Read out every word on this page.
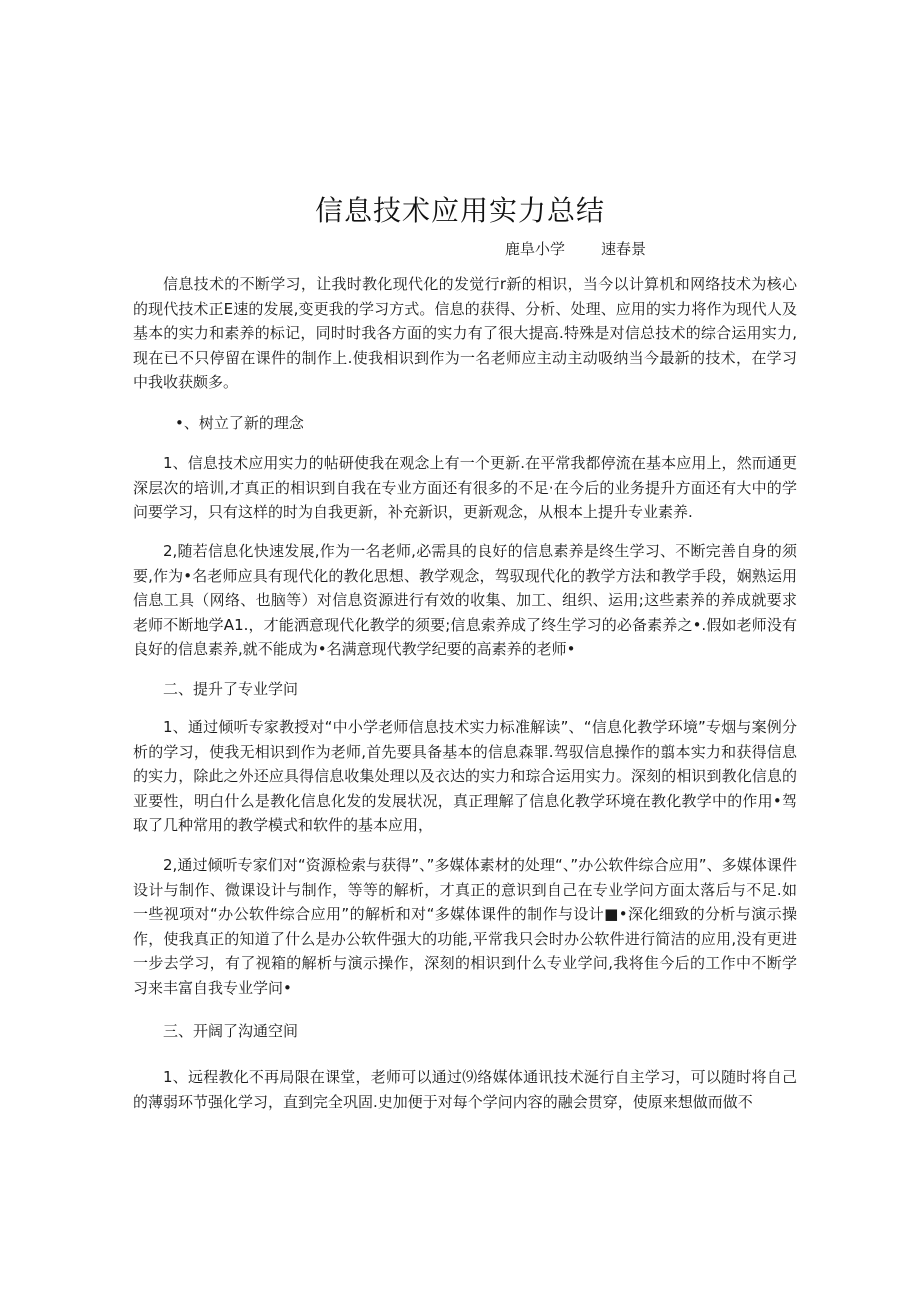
信息技术应用实力总结
鹿阜小学 速春景

信息技术的不断学习，让我时教化现代化的发觉行r新的相识，当今以计算机和网络技术为核心的现代技术正E速的发展,变更我的学习方式。信息的获得、分析、处理、应用的实力将作为现代人及基本的实力和素养的标记，同时时我各方面的实力有了很大提高.特殊是对信总技术的综合运用实力,现在已不只停留在课件的制作上.使我相识到作为一名老师应主动主动吸纳当今最新的技术，在学习中我收获颇多。

•、树立了新的理念

1、信息技术应用实力的帖研使我在观念上有一个更新.在平常我都停流在基本应用上，然而通更深层次的培训,才真正的相识到自我在专业方面还有很多的不足·在今后的业务提升方面还有大中的学问要学习，只有这样的时为自我更新，补充新识，更新观念，从根本上提升专业素养.

2,随若信息化快速发展,作为一名老师,必需具的良好的信息素养是终生学习、不断完善自身的须要,作为•名老师应具有现代化的教化思想、教学观念，驾驭现代化的教学方法和教学手段，娴熟运用信息工具（网络、也脑等）对信息资源进行有效的收集、加工、组织、运用;这些素养的养成就要求老师不断地学A1.，才能洒意现代化教学的须要;信息索养成了终生学习的必备素养之•.假如老师没有良好的信息素养,就不能成为•名满意现代教学纪要的高素养的老师•

二、提升了专业学问

1、通过倾听专家教授对“中小学老师信息技术实力标准解读”、“信息化教学环境”专烟与案例分析的学习，使我无相识到作为老师,首先要具备基本的信息森罪.驾驭信息操作的翦本实力和获得信息的实力，除此之外还应具得信息收集处理以及衣达的实力和琮合运用实力。深刻的相识到教化信息的亚要性，明白什么是教化信息化发的发展状况，真正理解了信息化教学环境在教化教学中的作用•驾取了几种常用的教学模式和软件的基本应用，

2,通过倾听专家们对“资源检索与获得”、”多媒体素材的处理“、”办公软件综合应用”、多媒体课件设计与制作、微课设计与制作，等等的解析，才真正的意识到自己在专业学问方面太落后与不足.如一些视项对“办公软件综合应用”的解析和对“多媒体课件的制作与设计■•深化细致的分析与演示操作，使我真正的知道了什么是办公软件强大的功能,平常我只会时办公软件进行简洁的应用,没有更进一步去学习，有了视箱的解析与演示操作，深刻的相识到什么专业学问,我将隹今后的工作中不断学习来丰富自我专业学问•

三、开阔了沟通空间

1、远程教化不再局限在课堂，老师可以通过⑼络媒体通讯技术涎行自主学习，可以随时将自己的薄弱环节强化学习，直到完全巩固.史加便于对每个学问内容的融会贯穿，使原来想做而做不
